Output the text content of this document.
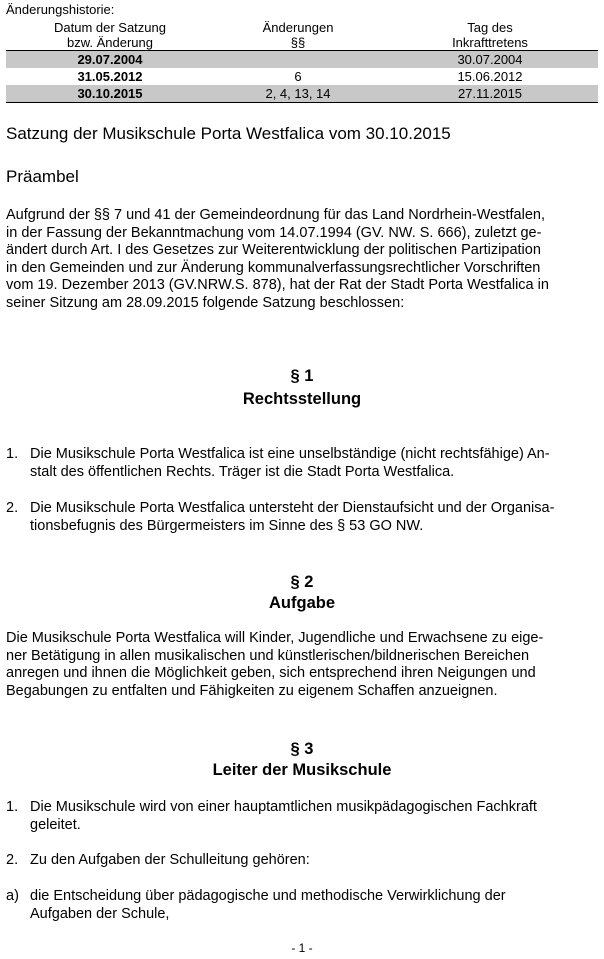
Änderungshistorie:
Datum der Satzung	Änderungen	Tag des
bzw. Änderung	§§	Inkrafttretens
29.07.2004		30.07.2004
31.05.2012	6	15.06.2012
30.10.2015	2, 4, 13, 14	27.11.2015
Satzung der Musikschule Porta Westfalica vom 30.10.2015
Präambel
Aufgrund der §§ 7 und 41 der Gemeindeordnung für das Land Nordrhein-Westfalen,
in der Fassung der Bekanntmachung vom 14.07.1994 (GV. NW. S. 666), zuletzt ge-
ändert durch Art. I des Gesetzes zur Weiterentwicklung der politischen Partizipation
in den Gemeinden und zur Änderung kommunalverfassungsrechtlicher Vorschriften
vom 19. Dezember 2013 (GV.NRW.S. 878), hat der Rat der Stadt Porta Westfalica in
seiner Sitzung am 28.09.2015 folgende Satzung beschlossen:
§ 1
Rechtsstellung
1. Die Musikschule Porta Westfalica ist eine unselbständige (nicht rechtsfähige) An-
stalt des öffentlichen Rechts. Träger ist die Stadt Porta Westfalica.
2. Die Musikschule Porta Westfalica untersteht der Dienstaufsicht und der Organisa-
tionsbefugnis des Bürgermeisters im Sinne des § 53 GO NW.
§ 2
Aufgabe
Die Musikschule Porta Westfalica will Kinder, Jugendliche und Erwachsene zu eige-
ner Betätigung in allen musikalischen und künstlerischen/bildnerischen Bereichen
anregen und ihnen die Möglichkeit geben, sich entsprechend ihren Neigungen und
Begabungen zu entfalten und Fähigkeiten zu eigenem Schaffen anzueignen.
§ 3
Leiter der Musikschule
1. Die Musikschule wird von einer hauptamtlichen musikpädagogischen Fachkraft
geleitet.
2. Zu den Aufgaben der Schulleitung gehören:
a) die Entscheidung über pädagogische und methodische Verwirklichung der
Aufgaben der Schule,
- 1 -
